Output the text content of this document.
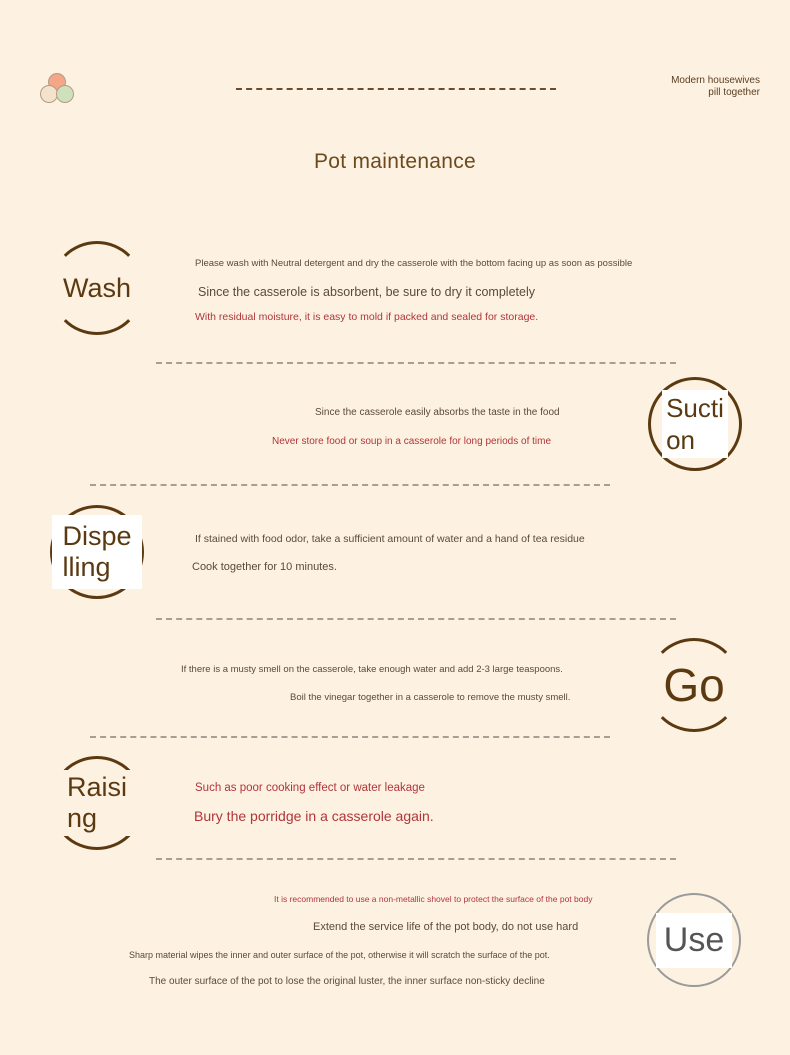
Modern housewives
pill together
Pot maintenance
Wash
Please wash with Neutral detergent and dry the casserole with the bottom facing up as soon as possible
Since the casserole is absorbent, be sure to dry it completely
With residual moisture, it is easy to mold if packed and sealed for storage.
Sucti
on
Since the casserole easily absorbs the taste in the food
Never store food or soup in a casserole for long periods of time
Dispe
lling
If stained with food odor, take a sufficient amount of water and a hand of tea residue
Cook together for 10 minutes.
Go
If there is a musty smell on the casserole, take enough water and add 2-3 large teaspoons.
Boil the vinegar together in a casserole to remove the musty smell.
Raisi
ng
Such as poor cooking effect or water leakage
Bury the porridge in a casserole again.
Use
It is recommended to use a non-metallic shovel to protect the surface of the pot body
Extend the service life of the pot body, do not use hard
Sharp material wipes the inner and outer surface of the pot, otherwise it will scratch the surface of the pot.
The outer surface of the pot to lose the original luster, the inner surface non-sticky decline
